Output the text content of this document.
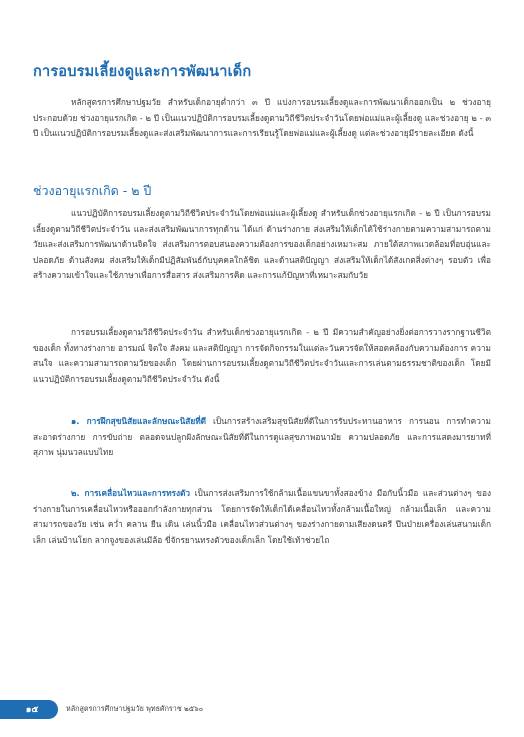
การอบรมเลี้ยงดูและการพัฒนาเด็ก

หลักสูตรการศึกษาปฐมวัย สำหรับเด็กอายุต่ำกว่า ๓ ปี แบ่งการอบรมเลี้ยงดูและการพัฒนาเด็กออกเป็น ๒ ช่วงอายุ ประกอบด้วย ช่วงอายุแรกเกิด - ๒ ปี เป็นแนวปฏิบัติการอบรมเลี้ยงดูตามวิถีชีวิตประจำวันโดยพ่อแม่และผู้เลี้ยงดู และช่วงอายุ ๒ - ๓ ปี เป็นแนวปฏิบัติการอบรมเลี้ยงดูและส่งเสริมพัฒนาการและการเรียนรู้โดยพ่อแม่และผู้เลี้ยงดู แต่ละช่วงอายุมีรายละเอียด ดังนี้

ช่วงอายุแรกเกิด - ๒ ปี

แนวปฏิบัติการอบรมเลี้ยงดูตามวิถีชีวิตประจำวันโดยพ่อแม่และผู้เลี้ยงดู สำหรับเด็กช่วงอายุแรกเกิด - ๒ ปี เป็นการอบรมเลี้ยงดูตามวิถีชีวิตประจำวัน และส่งเสริมพัฒนาการทุกด้าน ได้แก่ ด้านร่างกาย ส่งเสริมให้เด็กได้ใช้ร่างกายตามความสามารถตามวัยและส่งเสริมการพัฒนาด้านจิตใจ ส่งเสริมการตอบสนองความต้องการของเด็กอย่างเหมาะสม ภายใต้สภาพแวดล้อมที่อบอุ่นและปลอดภัย ด้านสังคม ส่งเสริมให้เด็กมีปฏิสัมพันธ์กับบุคคลใกล้ชิด และด้านสติปัญญา ส่งเสริมให้เด็กได้สังเกตสิ่งต่างๆ รอบตัว เพื่อสร้างความเข้าใจและใช้ภาษาเพื่อการสื่อสาร ส่งเสริมการคิด และการแก้ปัญหาที่เหมาะสมกับวัย

การอบรมเลี้ยงดูตามวิถีชีวิตประจำวัน สำหรับเด็กช่วงอายุแรกเกิด - ๒ ปี มีความสำคัญอย่างยิ่งต่อการวางรากฐานชีวิตของเด็ก ทั้งทางร่างกาย อารมณ์ จิตใจ สังคม และสติปัญญา การจัดกิจกรรมในแต่ละวันควรจัดให้สอดคล้องกับความต้องการ ความสนใจ และความสามารถตามวัยของเด็ก โดยผ่านการอบรมเลี้ยงดูตามวิถีชีวิตประจำวันและการเล่นตามธรรมชาติของเด็ก โดยมีแนวปฏิบัติการอบรมเลี้ยงดูตามวิถีชีวิตประจำวัน ดังนี้

๑. การฝึกสุขนิสัยและลักษณะนิสัยที่ดี เป็นการสร้างเสริมสุขนิสัยที่ดีในการรับประทานอาหาร การนอน การทำความสะอาดร่างกาย การขับถ่าย ตลอดจนปลูกฝังลักษณะนิสัยที่ดีในการดูแลสุขภาพอนามัย ความปลอดภัย และการแสดงมารยาทที่สุภาพ นุ่มนวลแบบไทย

๒. การเคลื่อนไหวและการทรงตัว เป็นการส่งเสริมการใช้กล้ามเนื้อแขนขาทั้งสองข้าง มือกับนิ้วมือ และส่วนต่างๆ ของร่างกายในการเคลื่อนไหวหรือออกกำลังกายทุกส่วน โดยการจัดให้เด็กได้เคลื่อนไหวทั้งกล้ามเนื้อใหญ่ กล้ามเนื้อเล็ก และความสามารถของวัย เช่น คว่ำ คลาน ยืน เดิน เล่นนิ้วมือ เคลื่อนไหวส่วนต่างๆ ของร่างกายตามเสียงดนตรี ปีนป่ายเครื่องเล่นสนามเด็กเล็ก เล่นบ้านโยก ลากจูงของเล่นมีล้อ ขี่จักรยานทรงตัวของเด็กเล็ก โดยใช้เท้าช่วยไถ

๑๕	หลักสูตรการศึกษาปฐมวัย พุทธศักราช ๒๕๖๐
